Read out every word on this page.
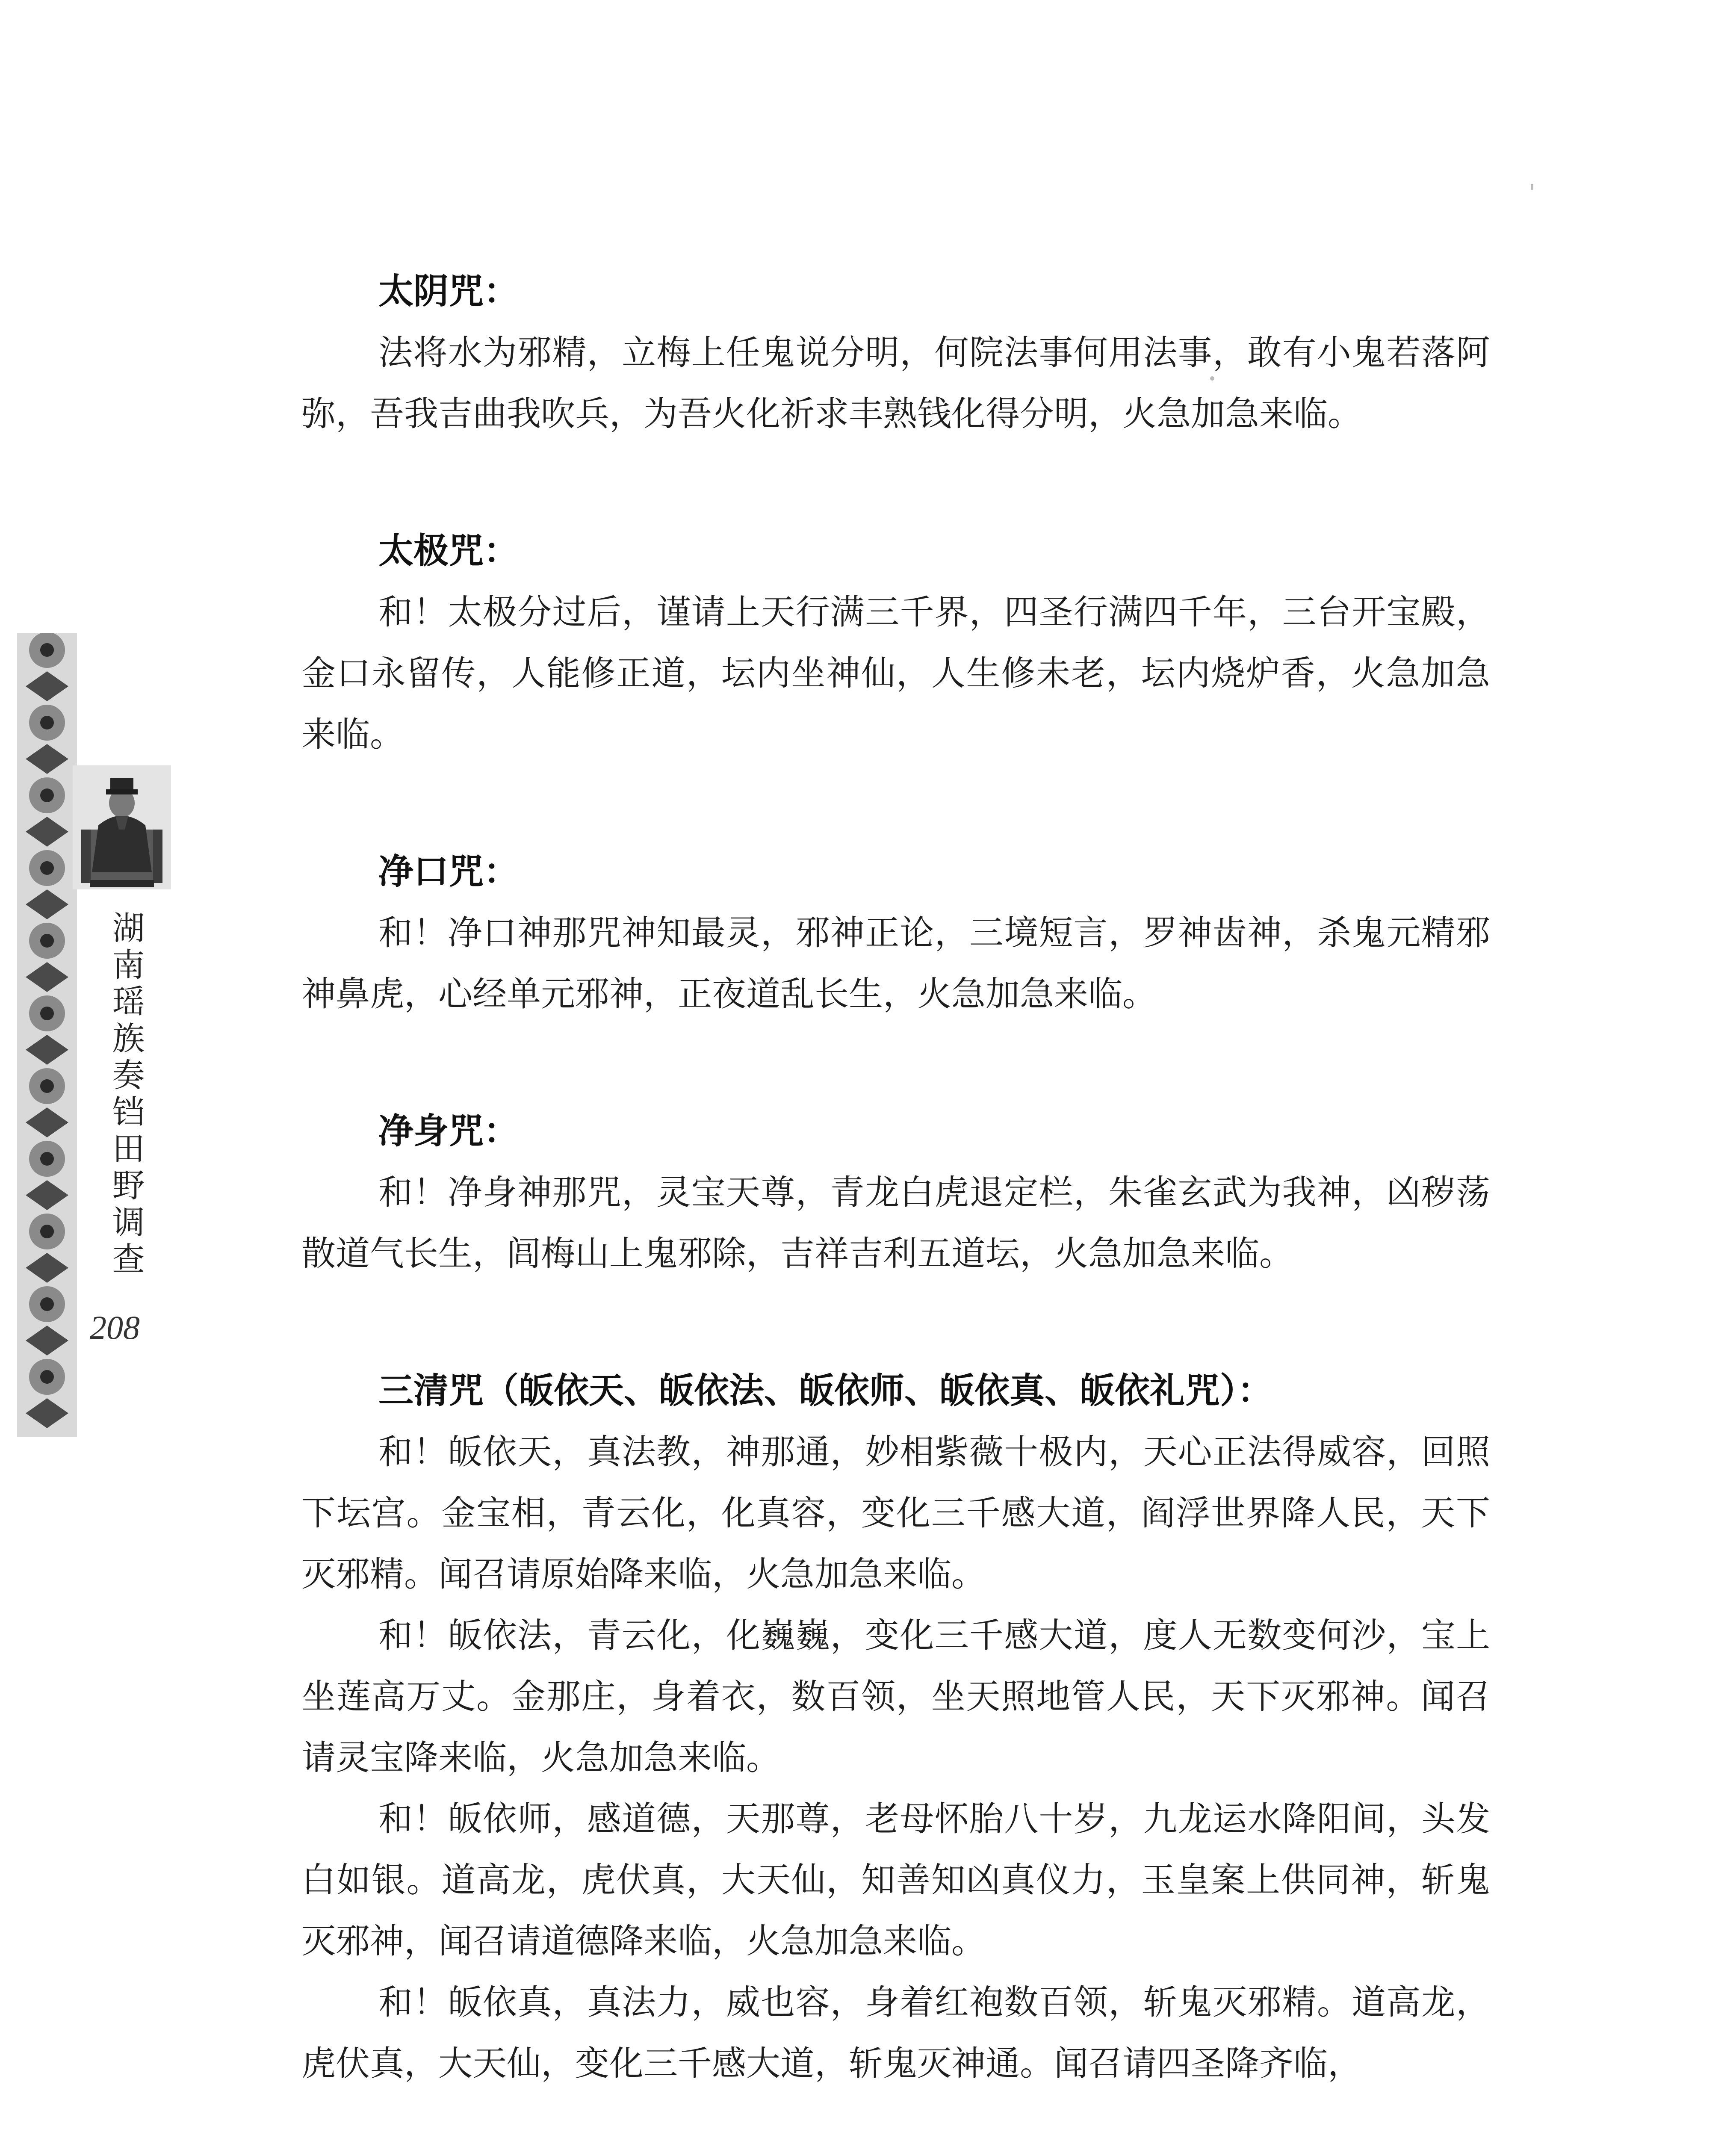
湖南瑶族奏铛田野调查
208
太阴咒：

法将水为邪精，立梅上任鬼说分明，何院法事何用法事，敢有小鬼若落阿弥，吾我吉曲我吹兵，为吾火化祈求丰熟钱化得分明，火急加急来临。

太极咒：

和！太极分过后，谨请上天行满三千界，四圣行满四千年，三台开宝殿，金口永留传，人能修正道，坛内坐神仙，人生修未老，坛内烧炉香，火急加急来临。

净口咒：

和！净口神那咒神知最灵，邪神正论，三境短言，罗神齿神，杀鬼元精邪神鼻虎，心经单元邪神，正夜道乱长生，火急加急来临。

净身咒：

和！净身神那咒，灵宝天尊，青龙白虎退定栏，朱雀玄武为我神，凶秽荡散道气长生，闾梅山上鬼邪除，吉祥吉利五道坛，火急加急来临。

三清咒（皈依天、皈依法、皈依师、皈依真、皈依礼咒）：

和！皈依天，真法教，神那通，妙相紫薇十极内，天心正法得威容，回照下坛宫。金宝相，青云化，化真容，变化三千感大道，阎浮世界降人民，天下灭邪精。闻召请原始降来临，火急加急来临。

和！皈依法，青云化，化巍巍，变化三千感大道，度人无数变何沙，宝上坐莲高万丈。金那庄，身着衣，数百领，坐天照地管人民，天下灭邪神。闻召请灵宝降来临，火急加急来临。

和！皈依师，感道德，天那尊，老母怀胎八十岁，九龙运水降阳间，头发白如银。道高龙，虎伏真，大天仙，知善知凶真仪力，玉皇案上供同神，斩鬼灭邪神，闻召请道德降来临，火急加急来临。

和！皈依真，真法力，威也容，身着红袍数百领，斩鬼灭邪精。道高龙，虎伏真，大天仙，变化三千感大道，斩鬼灭神通。闻召请四圣降齐临，
